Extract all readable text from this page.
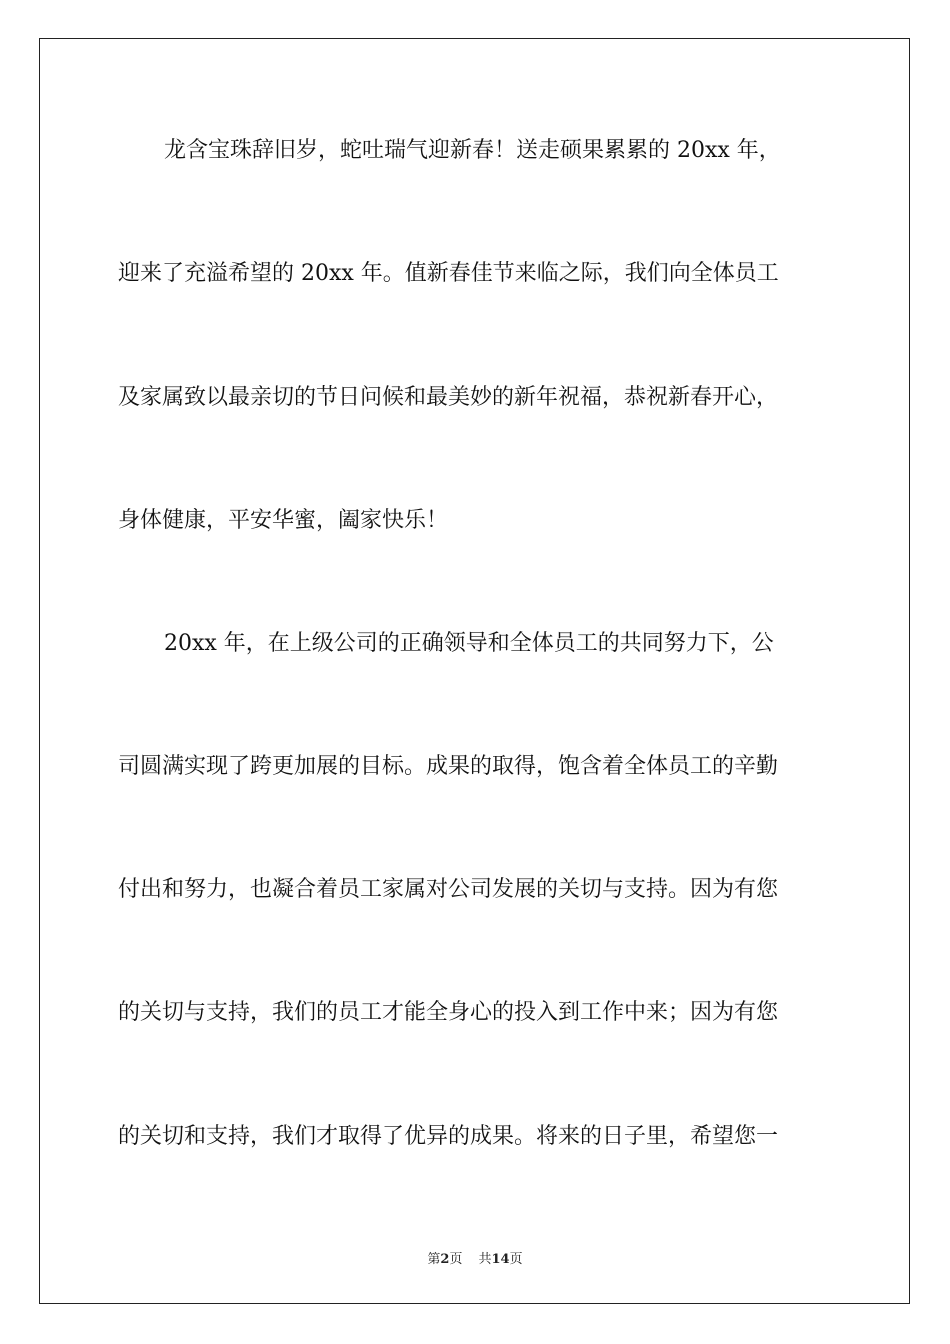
龙含宝珠辞旧岁，蛇吐瑞气迎新春！送走硕果累累的 20xx 年，
迎来了充溢希望的 20xx 年。值新春佳节来临之际，我们向全体员工
及家属致以最亲切的节日问候和最美妙的新年祝福，恭祝新春开心，
身体健康，平安华蜜，阖家快乐！
20xx 年，在上级公司的正确领导和全体员工的共同努力下，公
司圆满实现了跨更加展的目标。成果的取得，饱含着全体员工的辛勤
付出和努力，也凝合着员工家属对公司发展的关切与支持。因为有您
的关切与支持，我们的员工才能全身心的投入到工作中来；因为有您
的关切和支持，我们才取得了优异的成果。将来的日子里，希望您一
第2页 共14页
